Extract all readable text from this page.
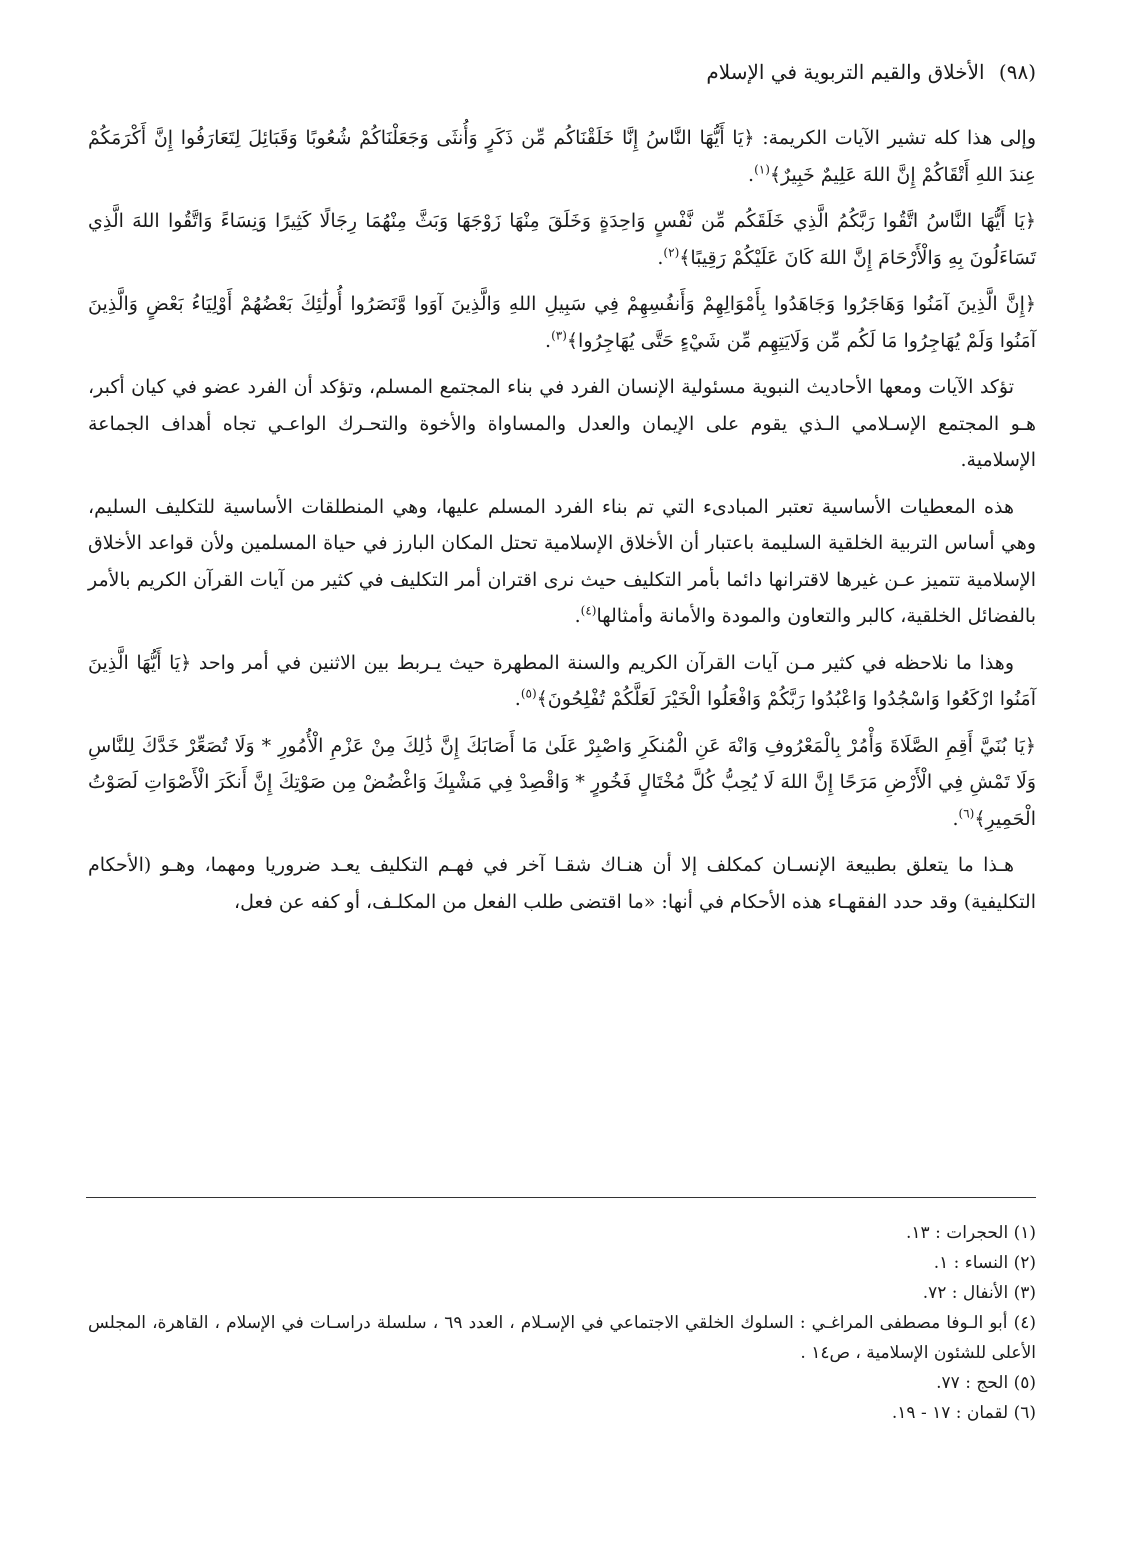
(٩٨) الأخلاق والقيم التربوية في الإسلام

وإلى هذا كله تشير الآيات الكريمة: ﴿يَا أَيُّهَا النَّاسُ إِنَّا خَلَقْنَاكُم مِّن ذَكَرٍ وَأُنثَى وَجَعَلْنَاكُمْ شُعُوبًا وَقَبَائِلَ لِتَعَارَفُوا إِنَّ أَكْرَمَكُمْ عِندَ اللهِ أَتْقَاكُمْ إِنَّ اللهَ عَلِيمٌ خَبِيرٌ﴾$^{(١)}$.

﴿يَا أَيُّهَا النَّاسُ اتَّقُوا رَبَّكُمُ الَّذِي خَلَقَكُم مِّن نَّفْسٍ وَاحِدَةٍ وَخَلَقَ مِنْهَا زَوْجَهَا وَبَثَّ مِنْهُمَا رِجَالًا كَثِيرًا وَنِسَاءً وَاتَّقُوا اللهَ الَّذِي تَسَاءَلُونَ بِهِ وَالْأَرْحَامَ إِنَّ اللهَ كَانَ عَلَيْكُمْ رَقِيبًا﴾$^{(٢)}$.

﴿إِنَّ الَّذِينَ آمَنُوا وَهَاجَرُوا وَجَاهَدُوا بِأَمْوَالِهِمْ وَأَنفُسِهِمْ فِي سَبِيلِ اللهِ وَالَّذِينَ آوَوا وَّنَصَرُوا أُولَٰئِكَ بَعْضُهُمْ أَوْلِيَاءُ بَعْضٍ وَالَّذِينَ آمَنُوا وَلَمْ يُهَاجِرُوا مَا لَكُم مِّن وَلَايَتِهِم مِّن شَيْءٍ حَتَّى يُهَاجِرُوا﴾$^{(٣)}$.

تؤكد الآيات ومعها الأحاديث النبوية مسئولية الإنسان الفرد في بناء المجتمع المسلم، وتؤكد أن الفرد عضو في كيان أكبر، هـو المجتمع الإسـلامي الـذي يقوم على الإيمان والعدل والمساواة والأخوة والتحـرك الواعـي تجاه أهداف الجماعة الإسلامية.

هذه المعطيات الأساسية تعتبر المبادىء التي تم بناء الفرد المسلم عليها، وهي المنطلقات الأساسية للتكليف السليم، وهي أساس التربية الخلقية السليمة باعتبار أن الأخلاق الإسلامية تحتل المكان البارز في حياة المسلمين ولأن قواعد الأخلاق الإسلامية تتميز عـن غيرها لاقترانها دائما بأمر التكليف حيث نرى اقتران أمر التكليف في كثير من آيات القرآن الكريم بالأمر بالفضائل الخلقية، كالبر والتعاون والمودة والأمانة وأمثالها$^{(٤)}$.

وهذا ما نلاحظه في كثير مـن آيات القرآن الكريم والسنة المطهرة حيث يـربط بين الاثنين في أمر واحد ﴿يَا أَيُّهَا الَّذِينَ آمَنُوا ارْكَعُوا وَاسْجُدُوا وَاعْبُدُوا رَبَّكُمْ وَافْعَلُوا الْخَيْرَ لَعَلَّكُمْ تُفْلِحُونَ﴾$^{(٥)}$.

﴿يَا بُنَيَّ أَقِمِ الصَّلَاةَ وَأْمُرْ بِالْمَعْرُوفِ وَانْهَ عَنِ الْمُنكَرِ وَاصْبِرْ عَلَىٰ مَا أَصَابَكَ إِنَّ ذَٰلِكَ مِنْ عَزْمِ الْأُمُورِ * وَلَا تُصَعِّرْ خَدَّكَ لِلنَّاسِ وَلَا تَمْشِ فِي الْأَرْضِ مَرَحًا إِنَّ اللهَ لَا يُحِبُّ كُلَّ مُخْتَالٍ فَخُورٍ * وَاقْصِدْ فِي مَشْيِكَ وَاغْضُضْ مِن صَوْتِكَ إِنَّ أَنكَرَ الْأَصْوَاتِ لَصَوْتُ الْحَمِيرِ﴾$^{(٦)}$.

هـذا ما يتعلق بطبيعة الإنسـان كمكلف إلا أن هنـاك شقـا آخر في فهـم التكليف يعـد ضروريا ومهما، وهـو (الأحكام التكليفية) وقد حدد الفقهـاء هذه الأحكام في أنها: «ما اقتضى طلب الفعل من المكلـف، أو كفه عن فعل،

(١) الحجرات : ١٣.

(٢) النساء : ١.

(٣) الأنفال : ٧٢.

(٤) أبو الـوفا مصطفى المراغـي : السلوك الخلقي الاجتماعي في الإسـلام ، العدد ٦٩ ، سلسلة دراسـات في الإسلام ، القاهرة، المجلس الأعلى للشئون الإسلامية ، ص١٤ .

(٥) الحج : ٧٧.

(٦) لقمان : ١٧ - ١٩.
